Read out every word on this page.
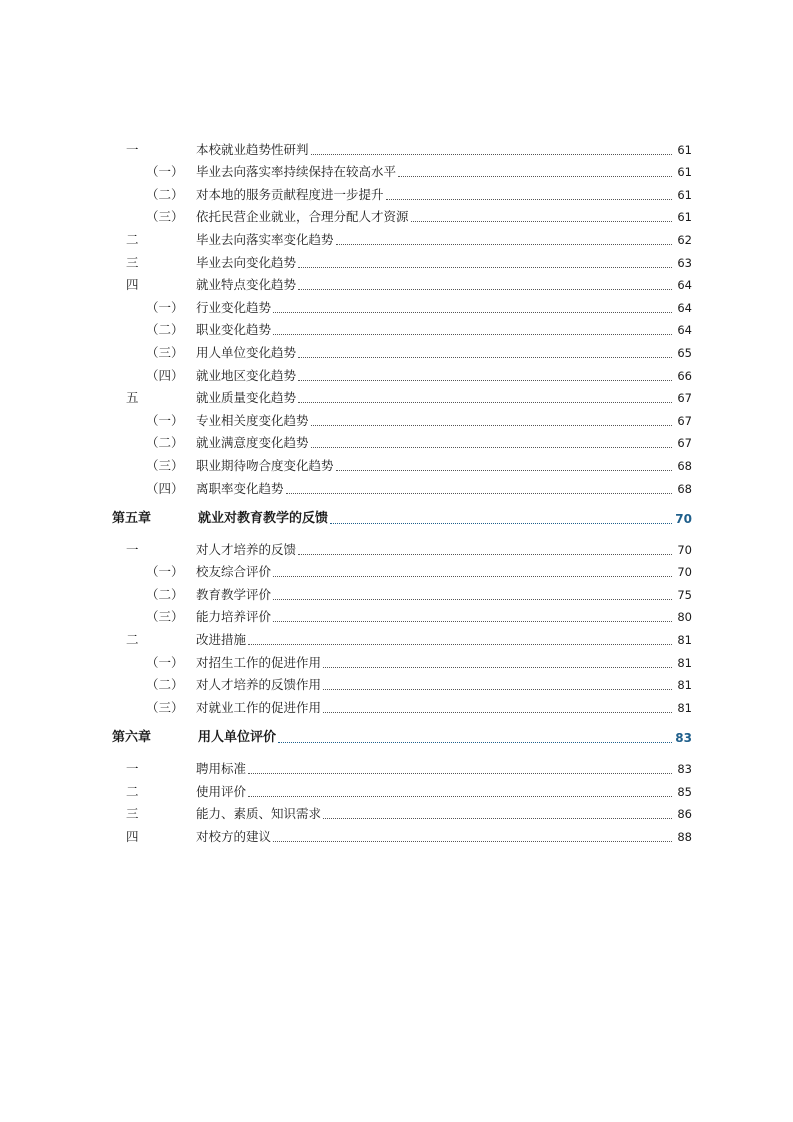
一	本校就业趋势性研判	61
（一） 毕业去向落实率持续保持在较高水平	61
（二） 对本地的服务贡献程度进一步提升	61
（三） 依托民营企业就业，合理分配人才资源	61
二	毕业去向落实率变化趋势	62
三	毕业去向变化趋势	63
四	就业特点变化趋势	64
（一） 行业变化趋势	64
（二） 职业变化趋势	64
（三） 用人单位变化趋势	65
（四） 就业地区变化趋势	66
五	就业质量变化趋势	67
（一） 专业相关度变化趋势	67
（二） 就业满意度变化趋势	67
（三） 职业期待吻合度变化趋势	68
（四） 离职率变化趋势	68
第五章	就业对教育教学的反馈	70
一	对人才培养的反馈	70
（一） 校友综合评价	70
（二） 教育教学评价	75
（三） 能力培养评价	80
二	改进措施	81
（一） 对招生工作的促进作用	81
（二） 对人才培养的反馈作用	81
（三） 对就业工作的促进作用	81
第六章	用人单位评价	83
一	聘用标准	83
二	使用评价	85
三	能力、素质、知识需求	86
四	对校方的建议	88
